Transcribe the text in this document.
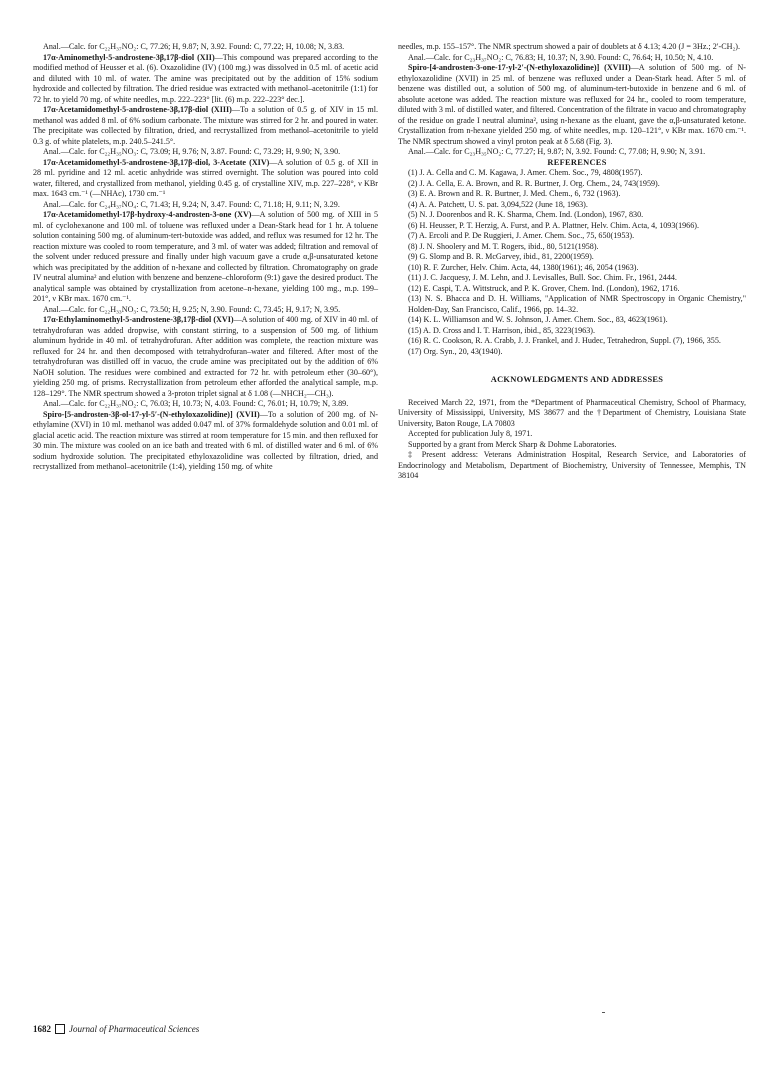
Anal.—Calc. for C₂₂H₃₇NO₂: C, 77.26; H, 9.87; N, 3.92. Found: C, 77.22; H, 10.08; N, 3.83.

17α-Aminomethyl-5-androstene-3β,17β-diol (XII)—This compound was prepared according to the modified method of Heusser et al. (6). Oxazolidine (IV) (100 mg.) was dissolved in 0.5 ml. of acetic acid and diluted with 10 ml. of water. The amine was precipitated out by the addition of 15% sodium hydroxide and collected by filtration. The dried residue was extracted with methanol–acetonitrile (1:1) for 72 hr. to yield 70 mg. of white needles, m.p. 222–223° [lit. (6) m.p. 222–223° dec.].

17α-Acetamidomethyl-5-androstene-3β,17β-diol (XIII)—To a solution of 0.5 g. of XIV in 15 ml. methanol was added 8 ml. of 6% sodium carbonate. The mixture was stirred for 2 hr. and poured in water. The precipitate was collected by filtration, dried, and recrystallized from methanol–acetonitrile to yield 0.3 g. of white platelets, m.p. 240.5–241.5°.

Anal.—Calc. for C₂₂H₃₅NO₃: C, 73.09; H, 9.76; N, 3.87. Found: C, 73.29; H, 9.90; N, 3.90.

17α-Acetamidomethyl-5-androstene-3β,17β-diol, 3-Acetate (XIV)—A solution of 0.5 g. of XII in 28 ml. pyridine and 12 ml. acetic anhydride was stirred overnight. The solution was poured into cold water, filtered, and crystallized from methanol, yielding 0.45 g. of crystalline XIV, m.p. 227–228°, ν KBr max. 1643 cm.⁻¹ (—NHAc), 1730 cm.⁻¹

Anal.—Calc. for C₂₄H₃₇NO₄: C, 71.43; H, 9.24; N, 3.47. Found: C, 71.18; H, 9.11; N, 3.29.

17α-Acetamidomethyl-17β-hydroxy-4-androsten-3-one (XV)—A solution of 500 mg. of XIII in 5 ml. of cyclohexanone and 100 ml. of toluene was refluxed under a Dean-Stark head for 1 hr. A toluene solution containing 500 mg. of aluminum-tert-butoxide was added, and reflux was resumed for 12 hr. The reaction mixture was cooled to room temperature, and 3 ml. of water was added; filtration and removal of the solvent under reduced pressure and finally under high vacuum gave a crude α,β-unsaturated ketone which was precipitated by the addition of n-hexane and collected by filtration. Chromatography on grade IV neutral alumina² and elution with benzene and benzene–chloroform (9:1) gave the desired product. The analytical sample was obtained by crystallization from acetone–n-hexane, yielding 100 mg., m.p. 199–201°, ν KBr max. 1670 cm.⁻¹.

Anal.—Calc. for C₂₂H₃₃NO₃: C, 73.50; H, 9.25; N, 3.90. Found: C, 73.45; H, 9.17; N, 3.95.

17α-Ethylaminomethyl-5-androstene-3β,17β-diol (XVI)—A solution of 400 mg. of XIV in 40 ml. of tetrahydrofuran was added dropwise, with constant stirring, to a suspension of 500 mg. of lithium aluminum hydride in 40 ml. of tetrahydrofuran. After addition was complete, the reaction mixture was refluxed for 24 hr. and then decomposed with tetrahydrofuran–water and filtered. After most of the tetrahydrofuran was distilled off in vacuo, the crude amine was precipitated out by the addition of 6% NaOH solution. The residues were combined and extracted for 72 hr. with petroleum ether (30–60°), yielding 250 mg. of prisms. Recrystallization from petroleum ether afforded the analytical sample, m.p. 128–129°. The NMR spectrum showed a 3-proton triplet signal at δ 1.08 (—NHCH₂—CH₃).

Anal.—Calc. for C₂₂H₃₇NO₂: C, 76.03; H, 10.73; N, 4.03. Found: C, 76.01; H, 10.79; N, 3.89.

Spiro-[5-androsten-3β-ol-17-yl-5′-(N-ethyloxazolidine)] (XVII)—To a solution of 200 mg. of N-ethylamine (XVI) in 10 ml. methanol was added 0.047 ml. of 37% formaldehyde solution and 0.01 ml. of glacial acetic acid. The reaction mixture was stirred at room temperature for 15 min. and then refluxed for 30 min. The mixture was cooled on an ice bath and treated with 6 ml. of distilled water and 6 ml. of 6% sodium hydroxide solution. The precipitated ethyloxazolidine was collected by filtration, dried, and recrystallized from methanol–acetonitrile (1:4), yielding 150 mg. of white

needles, m.p. 155–157°. The NMR spectrum showed a pair of doublets at δ 4.13; 4.20 (J = 3Hz.; 2′-CH₂).

Anal.—Calc. for C₂₃H₃₇NO₂: C, 76.83; H, 10.37; N, 3.90. Found: C, 76.64; H, 10.50; N, 4.10.

Spiro-[4-androsten-3-one-17-yl-2′-(N-ethyloxazolidine)] (XVIII)—A solution of 500 mg. of N-ethyloxazolidine (XVII) in 25 ml. of benzene was refluxed under a Dean-Stark head. After 5 ml. of benzene was distilled out, a solution of 500 mg. of aluminum-tert-butoxide in benzene and 6 ml. of absolute acetone was added. The reaction mixture was refluxed for 24 hr., cooled to room temperature, diluted with 3 ml. of distilled water, and filtered. Concentration of the filtrate in vacuo and chromatography of the residue on grade I neutral alumina², using n-hexane as the eluant, gave the α,β-unsaturated ketone. Crystallization from n-hexane yielded 250 mg. of white needles, m.p. 120–121°, ν KBr max. 1670 cm.⁻¹. The NMR spectrum showed a vinyl proton peak at δ 5.68 (Fig. 3).

Anal.—Calc. for C₂₃H₃₅NO₂: C, 77.27; H, 9.87; N, 3.92. Found: C, 77.08; H, 9.90; N, 3.91.

REFERENCES

(1) J. A. Cella and C. M. Kagawa, J. Amer. Chem. Soc., 79, 4808(1957).

(2) J. A. Cella, E. A. Brown, and R. R. Burtner, J. Org. Chem., 24, 743(1959).

(3) E. A. Brown and R. R. Burtner, J. Med. Chem., 6, 732 (1963).

(4) A. A. Patchett, U. S. pat. 3,094,522 (June 18, 1963).

(5) N. J. Doorenbos and R. K. Sharma, Chem. Ind. (London), 1967, 830.

(6) H. Heusser, P. T. Herzig, A. Furst, and P. A. Plattner, Helv. Chim. Acta, 4, 1093(1966).

(7) A. Ercoli and P. De Ruggieri, J. Amer. Chem. Soc., 75, 650(1953).

(8) J. N. Shoolery and M. T. Rogers, ibid., 80, 5121(1958).

(9) G. Slomp and B. R. McGarvey, ibid., 81, 2200(1959).

(10) R. F. Zurcher, Helv. Chim. Acta, 44, 1380(1961); 46, 2054 (1963).

(11) J. C. Jacquesy, J. M. Lehn, and J. Levisalles, Bull. Soc. Chim. Fr., 1961, 2444.

(12) E. Caspi, T. A. Wittstruck, and P. K. Grover, Chem. Ind. (London), 1962, 1716.

(13) N. S. Bhacca and D. H. Williams, "Application of NMR Spectroscopy in Organic Chemistry," Holden-Day, San Francisco, Calif., 1966, pp. 14–32.

(14) K. L. Williamson and W. S. Johnson, J. Amer. Chem. Soc., 83, 4623(1961).

(15) A. D. Cross and I. T. Harrison, ibid., 85, 3223(1963).

(16) R. C. Cookson, R. A. Crabb, J. J. Frankel, and J. Hudec, Tetrahedron, Suppl. (7), 1966, 355.

(17) Org. Syn., 20, 43(1940).

ACKNOWLEDGMENTS AND ADDRESSES

Received March 22, 1971, from the *Department of Pharmaceutical Chemistry, School of Pharmacy, University of Mississippi, University, MS 38677 and the †Department of Chemistry, Louisiana State University, Baton Rouge, LA 70803

Accepted for publication July 8, 1971.

Supported by a grant from Merck Sharp & Dohme Laboratories.

‡ Present address: Veterans Administration Hospital, Research Service, and Laboratories of Endocrinology and Metabolism, Department of Biochemistry, University of Tennessee, Memphis, TN 38104

1682 Journal of Pharmaceutical Sciences
